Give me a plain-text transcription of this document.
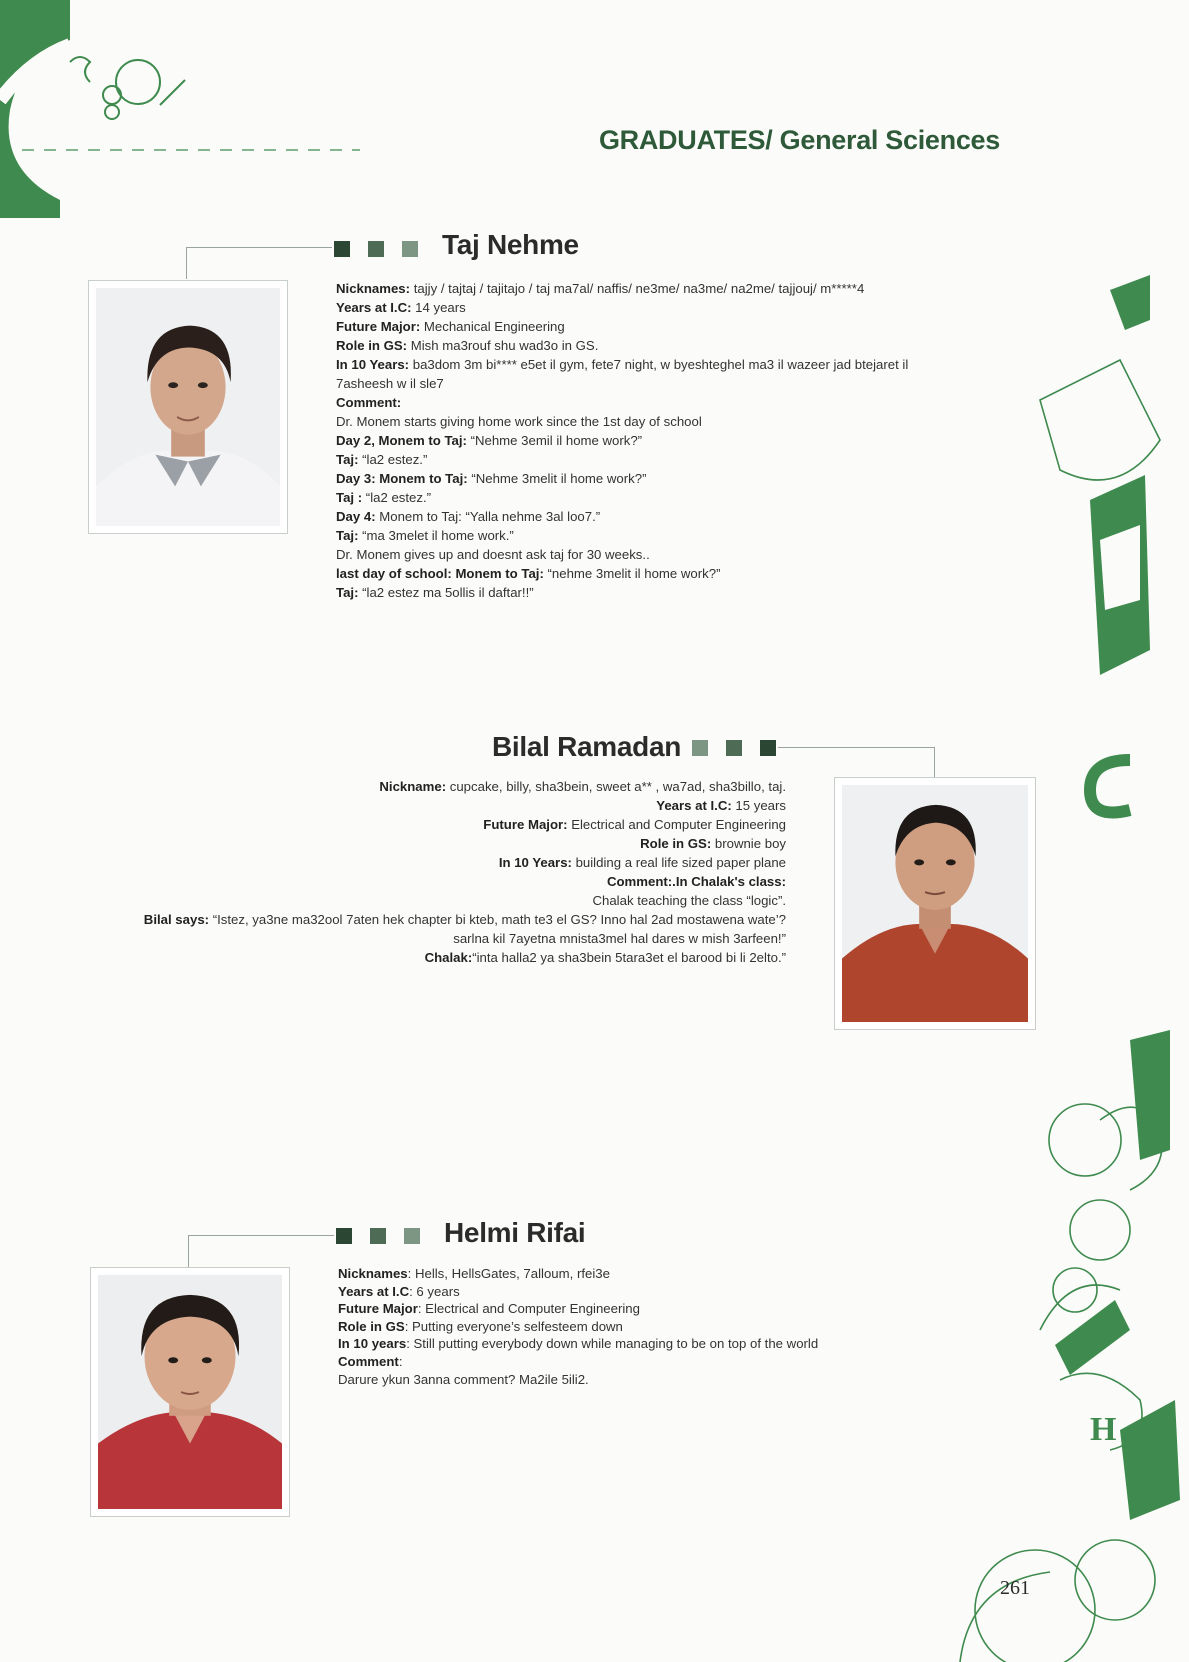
H
GRADUATES/ General Sciences
Taj Nehme
Nicknames: tajjy / tajtaj / tajitajo / taj ma7al/ naffis/ ne3me/ na3me/ na2me/ tajjouj/ m*****4
Years at I.C: 14 years
Future Major: Mechanical Engineering
Role in GS: Mish ma3rouf shu wad3o in GS.
In 10 Years: ba3dom 3m bi**** e5et il gym, fete7 night, w byeshteghel ma3 il wazeer jad btejaret il
7asheesh w il sle7
Comment:
Dr. Monem starts giving home work since the 1st day of school
Day 2, Monem to Taj: “Nehme 3emil il home work?”
Taj: “la2 estez.”
Day 3: Monem to Taj: “Nehme 3melit il home work?”
Taj : “la2 estez.”
Day 4: Monem to Taj: “Yalla nehme 3al loo7.”
Taj: “ma 3melet il home work.”
Dr. Monem gives up and doesnt ask taj for 30 weeks..
last day of school: Monem to Taj: “nehme 3melit il home work?”
Taj: “la2 estez ma 5ollis il daftar!!”
Bilal Ramadan
Nickname: cupcake, billy, sha3bein, sweet a** , wa7ad, sha3billo, taj.
Years at I.C: 15 years
Future Major: Electrical and Computer Engineering
Role in GS: brownie boy
In 10 Years: building a real life sized paper plane
Comment:.In Chalak's class:
Chalak teaching the class “logic”.
Bilal says: “Istez, ya3ne ma32ool 7aten hek chapter bi kteb, math te3 el GS? Inno hal 2ad mostawena wate’?
sarlna kil 7ayetna mnista3mel hal dares w mish 3arfeen!”
Chalak:“inta halla2 ya sha3bein 5tara3et el barood bi li 2elto.”
Helmi Rifai
Nicknames: Hells, HellsGates, 7alloum, rfei3e
Years at I.C: 6 years
Future Major: Electrical and Computer Engineering
Role in GS: Putting everyone’s selfesteem down
In 10 years: Still putting everybody down while managing to be on top of the world
Comment:
Darure ykun 3anna comment? Ma2ile 5ili2.
261
